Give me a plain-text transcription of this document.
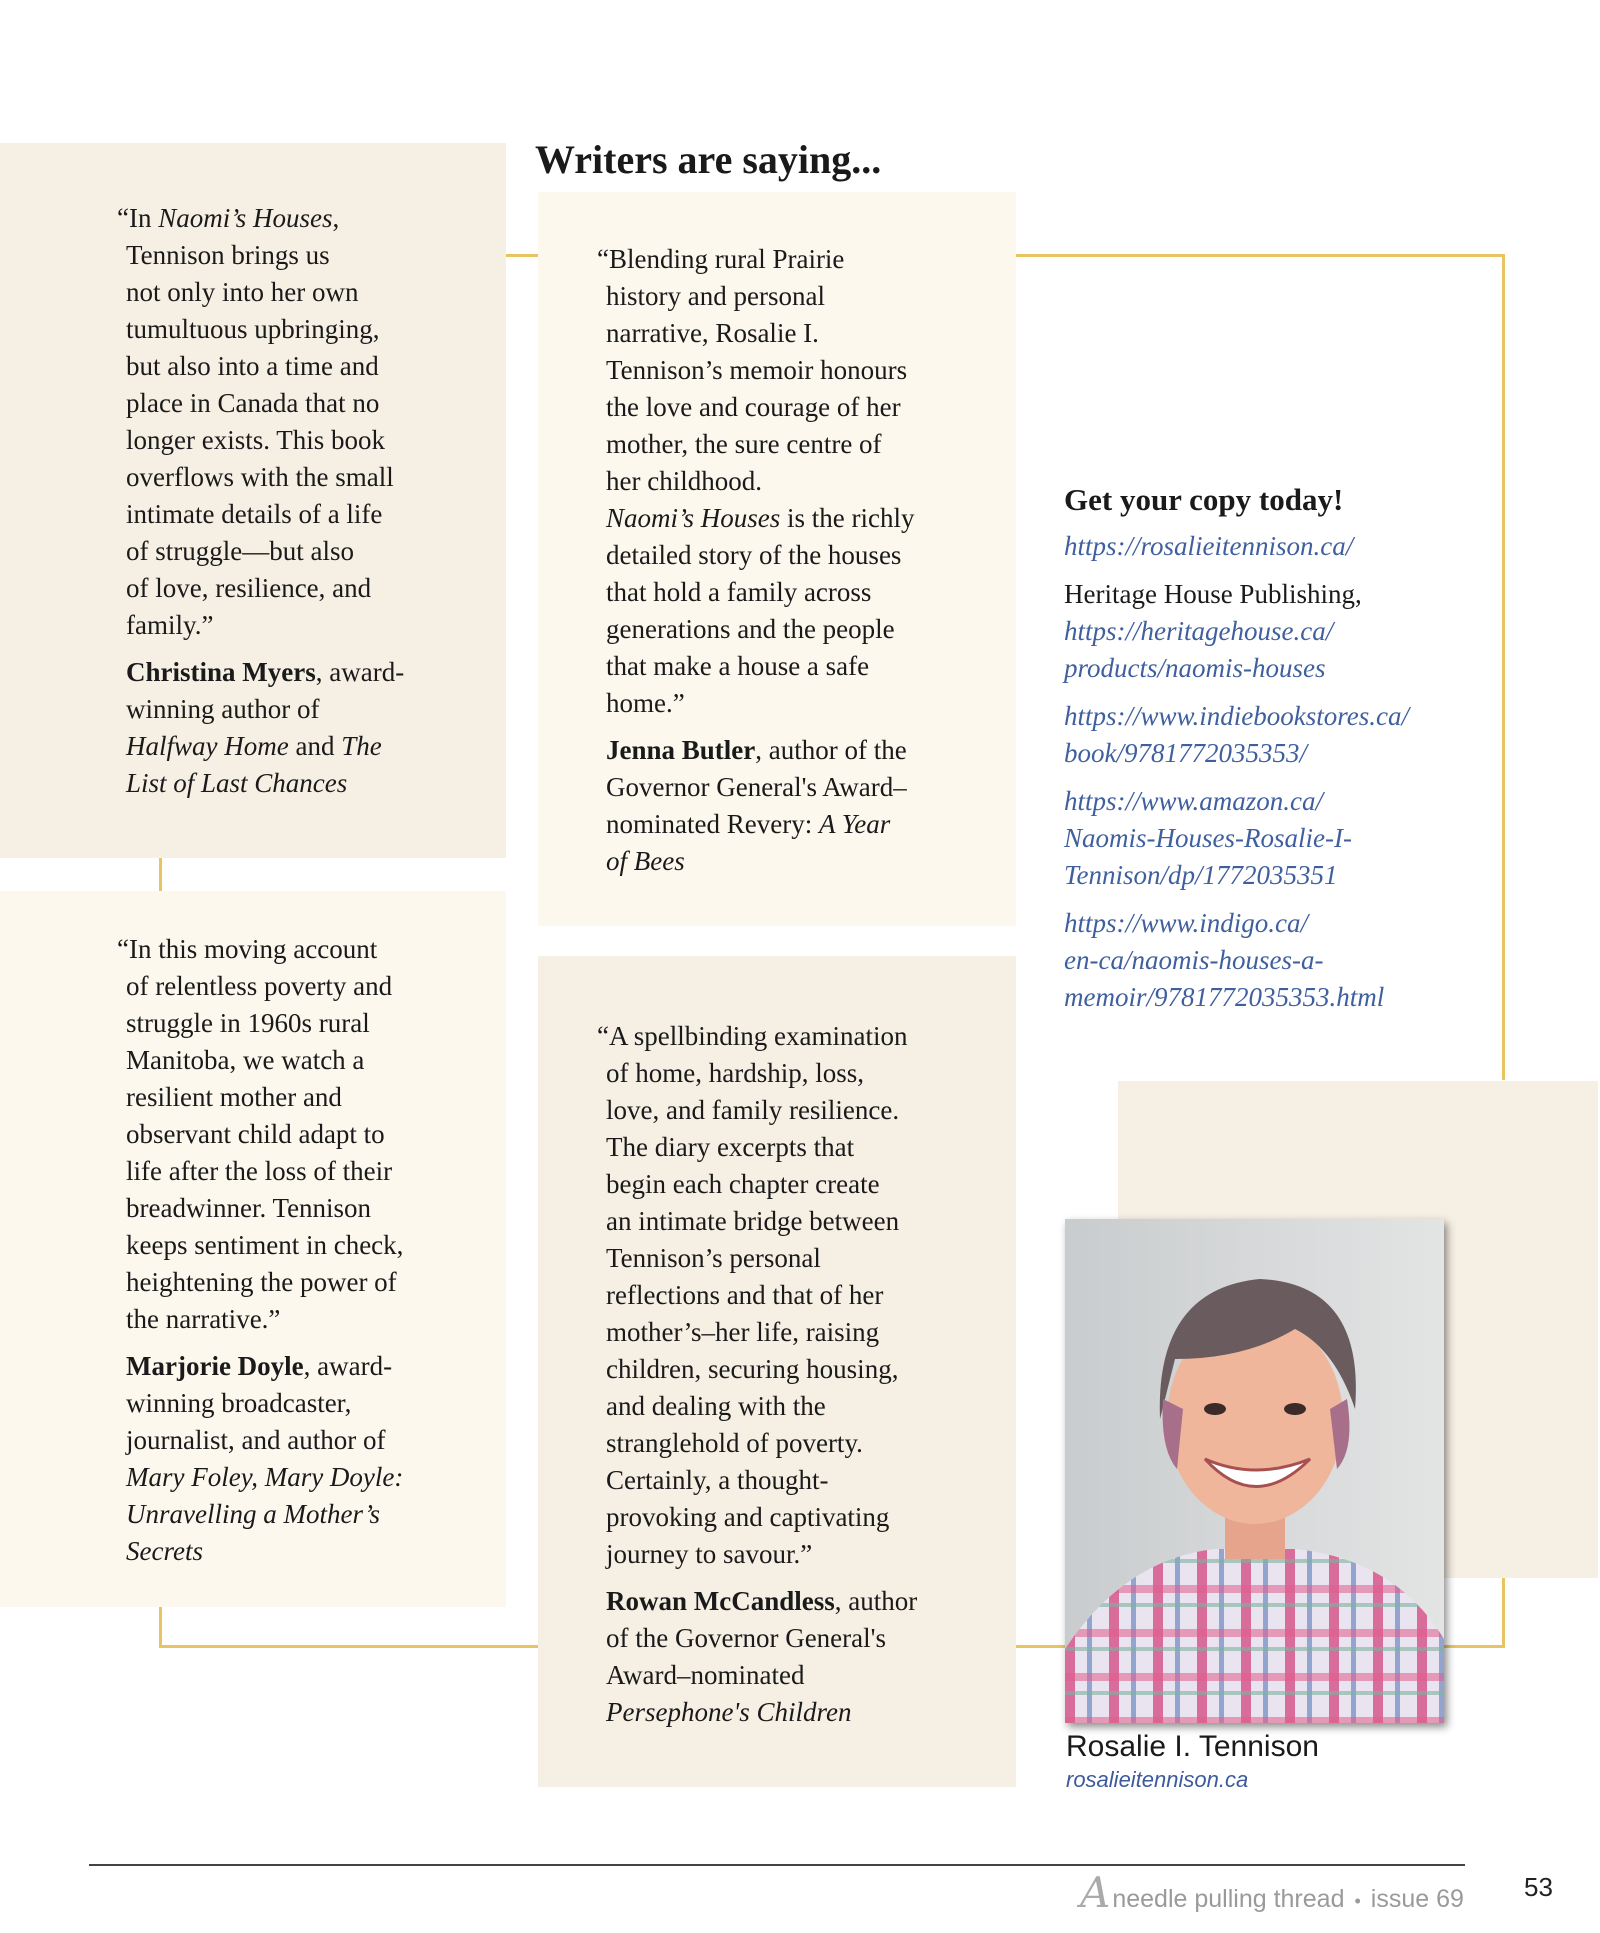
Writers are saying...
“In Naomi’s Houses,
Tennison brings us
not only into her own
tumultuous upbringing,
but also into a time and
place in Canada that no
longer exists. This book
overflows with the small
intimate details of a life
of struggle––but also
of love, resilience, and
family.”
Christina Myers, award-
winning author of
Halfway Home and The
List of Last Chances
“In this moving account
of relentless poverty and
struggle in 1960s rural
Manitoba, we watch a
resilient mother and
observant child adapt to
life after the loss of their
breadwinner. Tennison
keeps sentiment in check,
heightening the power of
the narrative.”
Marjorie Doyle, award-
winning broadcaster,
journalist, and author of
Mary Foley, Mary Doyle:
Unravelling a Mother’s
Secrets
“Blending rural Prairie
history and personal
narrative, Rosalie I.
Tennison’s memoir honours
the love and courage of her
mother, the sure centre of
her childhood.
Naomi’s Houses is the richly
detailed story of the houses
that hold a family across
generations and the people
that make a house a safe
home.”
Jenna Butler, author of the
Governor General's Award–
nominated Revery: A Year
of Bees
“A spellbinding examination
of home, hardship, loss,
love, and family resilience.
The diary excerpts that
begin each chapter create
an intimate bridge between
Tennison’s personal
reflections and that of her
mother’s–her life, raising
children, securing housing,
and dealing with the
stranglehold of poverty.
Certainly, a thought-
provoking and captivating
journey to savour.”
Rowan McCandless, author
of the Governor General's
Award–nominated
Persephone's Children
Get your copy today!
https://rosalieitennison.ca/
Heritage House Publishing,
https://heritagehouse.ca/
products/naomis-houses
https://www.indiebookstores.ca/
book/9781772035353/
https://www.amazon.ca/
Naomis-Houses-Rosalie-I-
Tennison/dp/1772035351
https://www.indigo.ca/
en-ca/naomis-houses-a-
memoir/9781772035353.html
Rosalie I. Tennison
rosalieitennison.ca
A needle pulling thread • issue 69 53
